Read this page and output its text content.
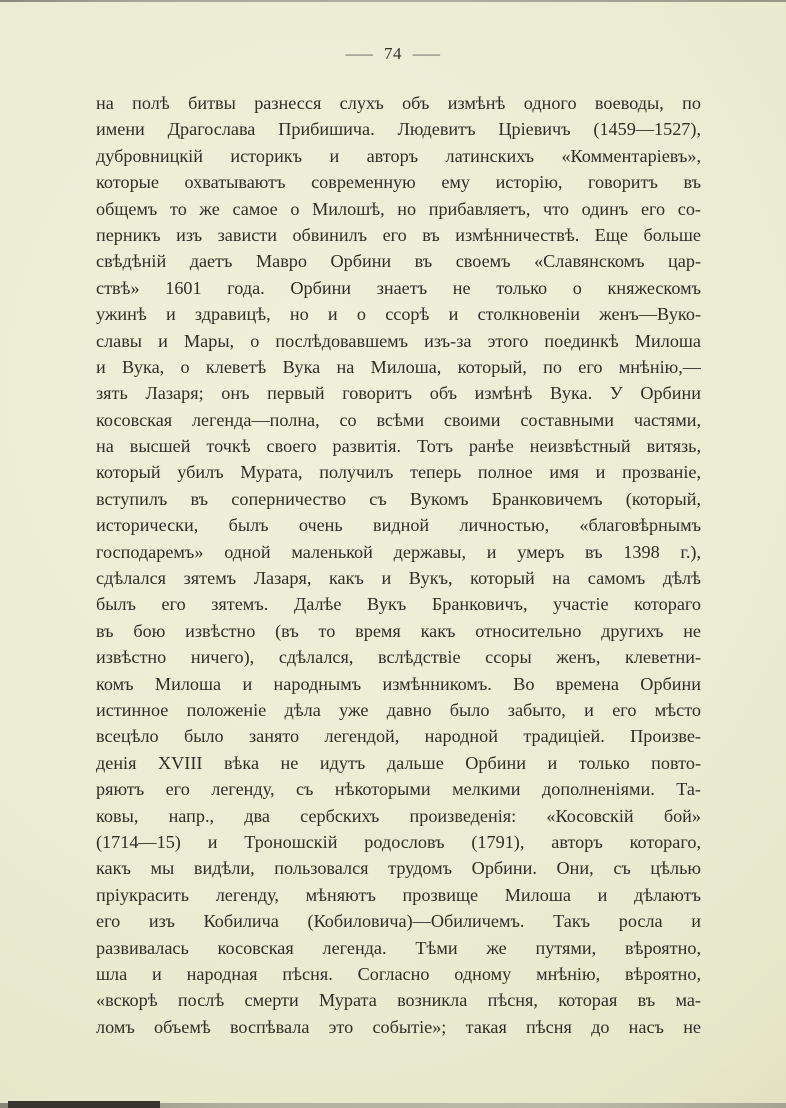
— 74 —
на полѣ битвы разнесся слухъ объ измѣнѣ одного воеводы, по
имени Драгослава Прибишича. Людевитъ Цріевичъ (1459—1527),
дубровницкій историкъ и авторъ латинскихъ «Комментаріевъ»,
которые охватываютъ современную ему исторію, говоритъ въ
общемъ то же самое о Милошѣ, но прибавляетъ, что одинъ его со-
перникъ изъ зависти обвинилъ его въ измѣнничествѣ. Еще больше
свѣдѣній даетъ Мавро Орбини въ своемъ «Славянскомъ цар-
ствѣ» 1601 года. Орбини знаетъ не только о княжескомъ
ужинѣ и здравицѣ, но и о ссорѣ и столкновеніи женъ—Вуко-
славы и Мары, о послѣдовавшемъ изъ-за этого поединкѣ Милоша
и Вука, о клеветѣ Вука на Милоша, который, по его мнѣнію,—
зять Лазаря; онъ первый говоритъ объ измѣнѣ Вука. У Орбини
косовская легенда—полна, со всѣми своими составными частями,
на высшей точкѣ своего развитія. Тотъ ранѣе неизвѣстный витязь,
который убилъ Мурата, получилъ теперь полное имя и прозваніе,
вступилъ въ соперничество съ Вукомъ Бранковичемъ (который,
исторически, былъ очень видной личностью, «благовѣрнымъ
господаремъ» одной маленькой державы, и умеръ въ 1398 г.),
сдѣлался зятемъ Лазаря, какъ и Вукъ, который на самомъ дѣлѣ
былъ его зятемъ. Далѣе Вукъ Бранковичъ, участіе котораго
въ бою извѣстно (въ то время какъ относительно другихъ не
извѣстно ничего), сдѣлался, вслѣдствіе ссоры женъ, клеветни-
комъ Милоша и народнымъ измѣнникомъ. Во времена Орбини
истинное положеніе дѣла уже давно было забыто, и его мѣсто
всецѣло было занято легендой, народной традиціей. Произве-
денія XVIII вѣка не идутъ дальше Орбини и только повто-
ряютъ его легенду, съ нѣкоторыми мелкими дополненіями. Та-
ковы, напр., два сербскихъ произведенія: «Косовскій бой»
(1714—15) и Троношскій родословъ (1791), авторъ котораго,
какъ мы видѣли, пользовался трудомъ Орбини. Они, съ цѣлью
пріукрасить легенду, мѣняютъ прозвище Милоша и дѣлаютъ
его изъ Кобилича (Кобиловича)—Обиличемъ. Такъ росла и
развивалась косовская легенда. Тѣми же путями, вѣроятно,
шла и народная пѣсня. Согласно одному мнѣнію, вѣроятно,
«вскорѣ послѣ смерти Мурата возникла пѣсня, которая въ ма-
ломъ объемѣ воспѣвала это событіе»; такая пѣсня до насъ не
